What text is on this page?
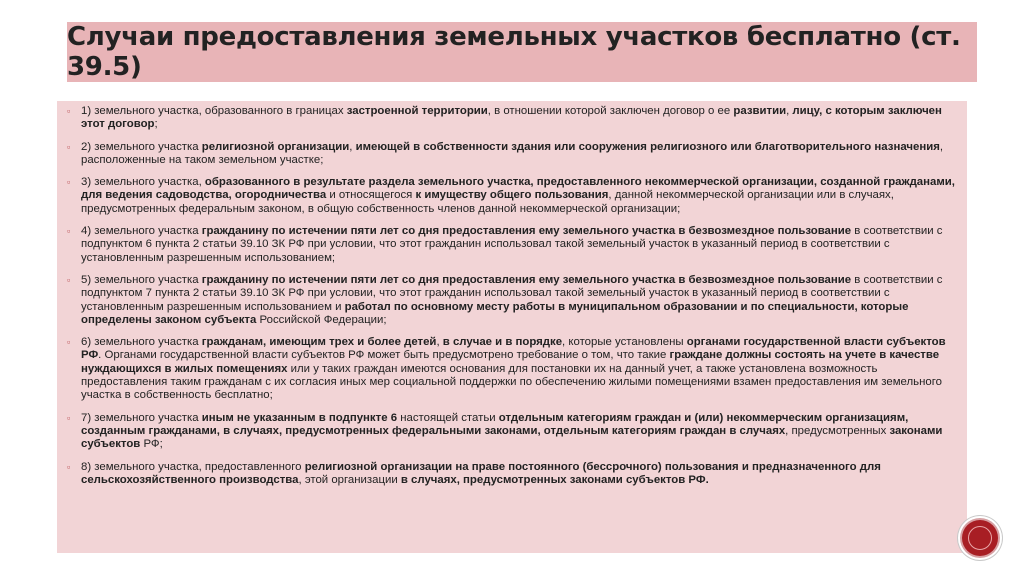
Случаи предоставления земельных участков бесплатно (ст. 39.5)
▫ 1) земельного участка, образованного в границах застроенной территории, в отношении которой заключен договор о ее развитии, лицу, с которым заключен этот договор;
▫ 2) земельного участка религиозной организации, имеющей в собственности здания или сооружения религиозного или благотворительного назначения, расположенные на таком земельном участке;
▫ 3) земельного участка, образованного в результате раздела земельного участка, предоставленного некоммерческой организации, созданной гражданами, для ведения садоводства, огородничества и относящегося к имуществу общего пользования, данной некоммерческой организации или в случаях, предусмотренных федеральным законом, в общую собственность членов данной некоммерческой организации;
▫ 4) земельного участка гражданину по истечении пяти лет со дня предоставления ему земельного участка в безвозмездное пользование в соответствии с подпунктом 6 пункта 2 статьи 39.10 ЗК РФ при условии, что этот гражданин использовал такой земельный участок в указанный период в соответствии с установленным разрешенным использованием;
▫ 5) земельного участка гражданину по истечении пяти лет со дня предоставления ему земельного участка в безвозмездное пользование в соответствии с подпунктом 7 пункта 2 статьи 39.10 ЗК РФ при условии, что этот гражданин использовал такой земельный участок в указанный период в соответствии с установленным разрешенным использованием и работал по основному месту работы в муниципальном образовании и по специальности, которые определены законом субъекта Российской Федерации;
▫ 6) земельного участка гражданам, имеющим трех и более детей, в случае и в порядке, которые установлены органами государственной власти субъектов РФ. Органами государственной власти субъектов РФ может быть предусмотрено требование о том, что такие граждане должны состоять на учете в качестве нуждающихся в жилых помещениях или у таких граждан имеются основания для постановки их на данный учет, а также установлена возможность предоставления таким гражданам с их согласия иных мер социальной поддержки по обеспечению жилыми помещениями взамен предоставления им земельного участка в собственность бесплатно;
▫ 7) земельного участка иным не указанным в подпункте 6 настоящей статьи отдельным категориям граждан и (или) некоммерческим организациям, созданным гражданами, в случаях, предусмотренных федеральными законами, отдельным категориям граждан в случаях, предусмотренных законами субъектов РФ;
▫ 8) земельного участка, предоставленного религиозной организации на праве постоянного (бессрочного) пользования и предназначенного для сельскохозяйственного производства, этой организации в случаях, предусмотренных законами субъектов РФ.
